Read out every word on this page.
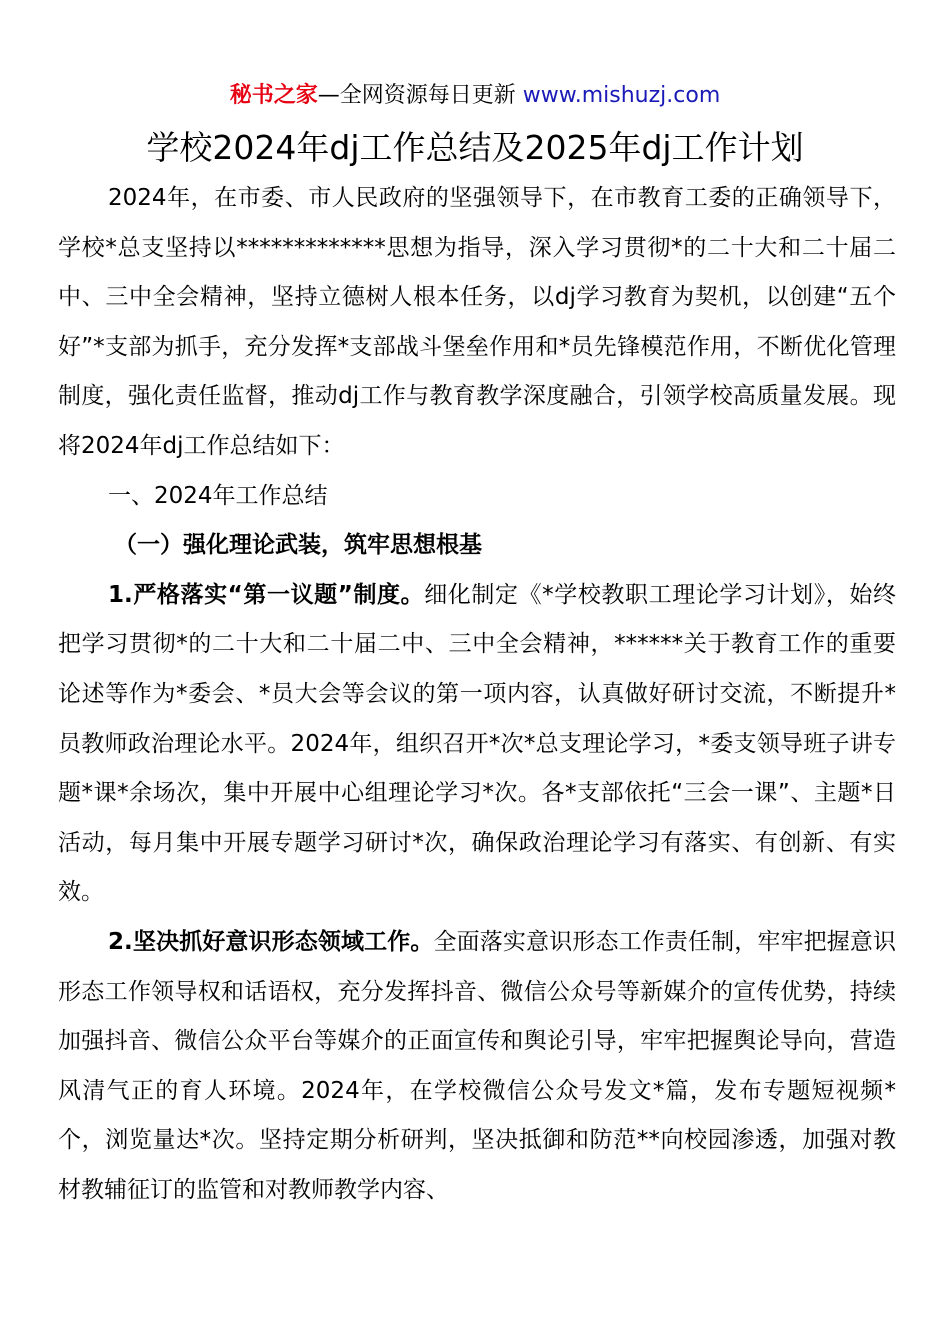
秘书之家—全网资源每日更新 www.mishuzj.com
学校2024年dj工作总结及2025年dj工作计划

2024年，在市委、市人民政府的坚强领导下，在市教育工委的正确领导下，学校*总支坚持以*************思想为指导，深入学习贯彻*的二十大和二十届二中、三中全会精神，坚持立德树人根本任务，以dj学习教育为契机，以创建“五个好”*支部为抓手，充分发挥*支部战斗堡垒作用和*员先锋模范作用，不断优化管理制度，强化责任监督，推动dj工作与教育教学深度融合，引领学校高质量发展。现将2024年dj工作总结如下：

一、2024年工作总结

（一）强化理论武装，筑牢思想根基

1.严格落实“第一议题”制度。细化制定《*学校教职工理论学习计划》，始终把学习贯彻*的二十大和二十届二中、三中全会精神，******关于教育工作的重要论述等作为*委会、*员大会等会议的第一项内容，认真做好研讨交流，不断提升*员教师政治理论水平。2024年，组织召开*次*总支理论学习，*委支领导班子讲专题*课*余场次，集中开展中心组理论学习*次。各*支部依托“三会一课”、主题*日活动，每月集中开展专题学习研讨*次，确保政治理论学习有落实、有创新、有实效。

2.坚决抓好意识形态领域工作。全面落实意识形态工作责任制，牢牢把握意识形态工作领导权和话语权，充分发挥抖音、微信公众号等新媒介的宣传优势，持续加强抖音、微信公众平台等媒介的正面宣传和舆论引导，牢牢把握舆论导向，营造风清气正的育人环境。2024年，在学校微信公众号发文*篇，发布专题短视频*个，浏览量达*次。坚持定期分析研判，坚决抵御和防范**向校园渗透，加强对教材教辅征订的监管和对教师教学内容、
